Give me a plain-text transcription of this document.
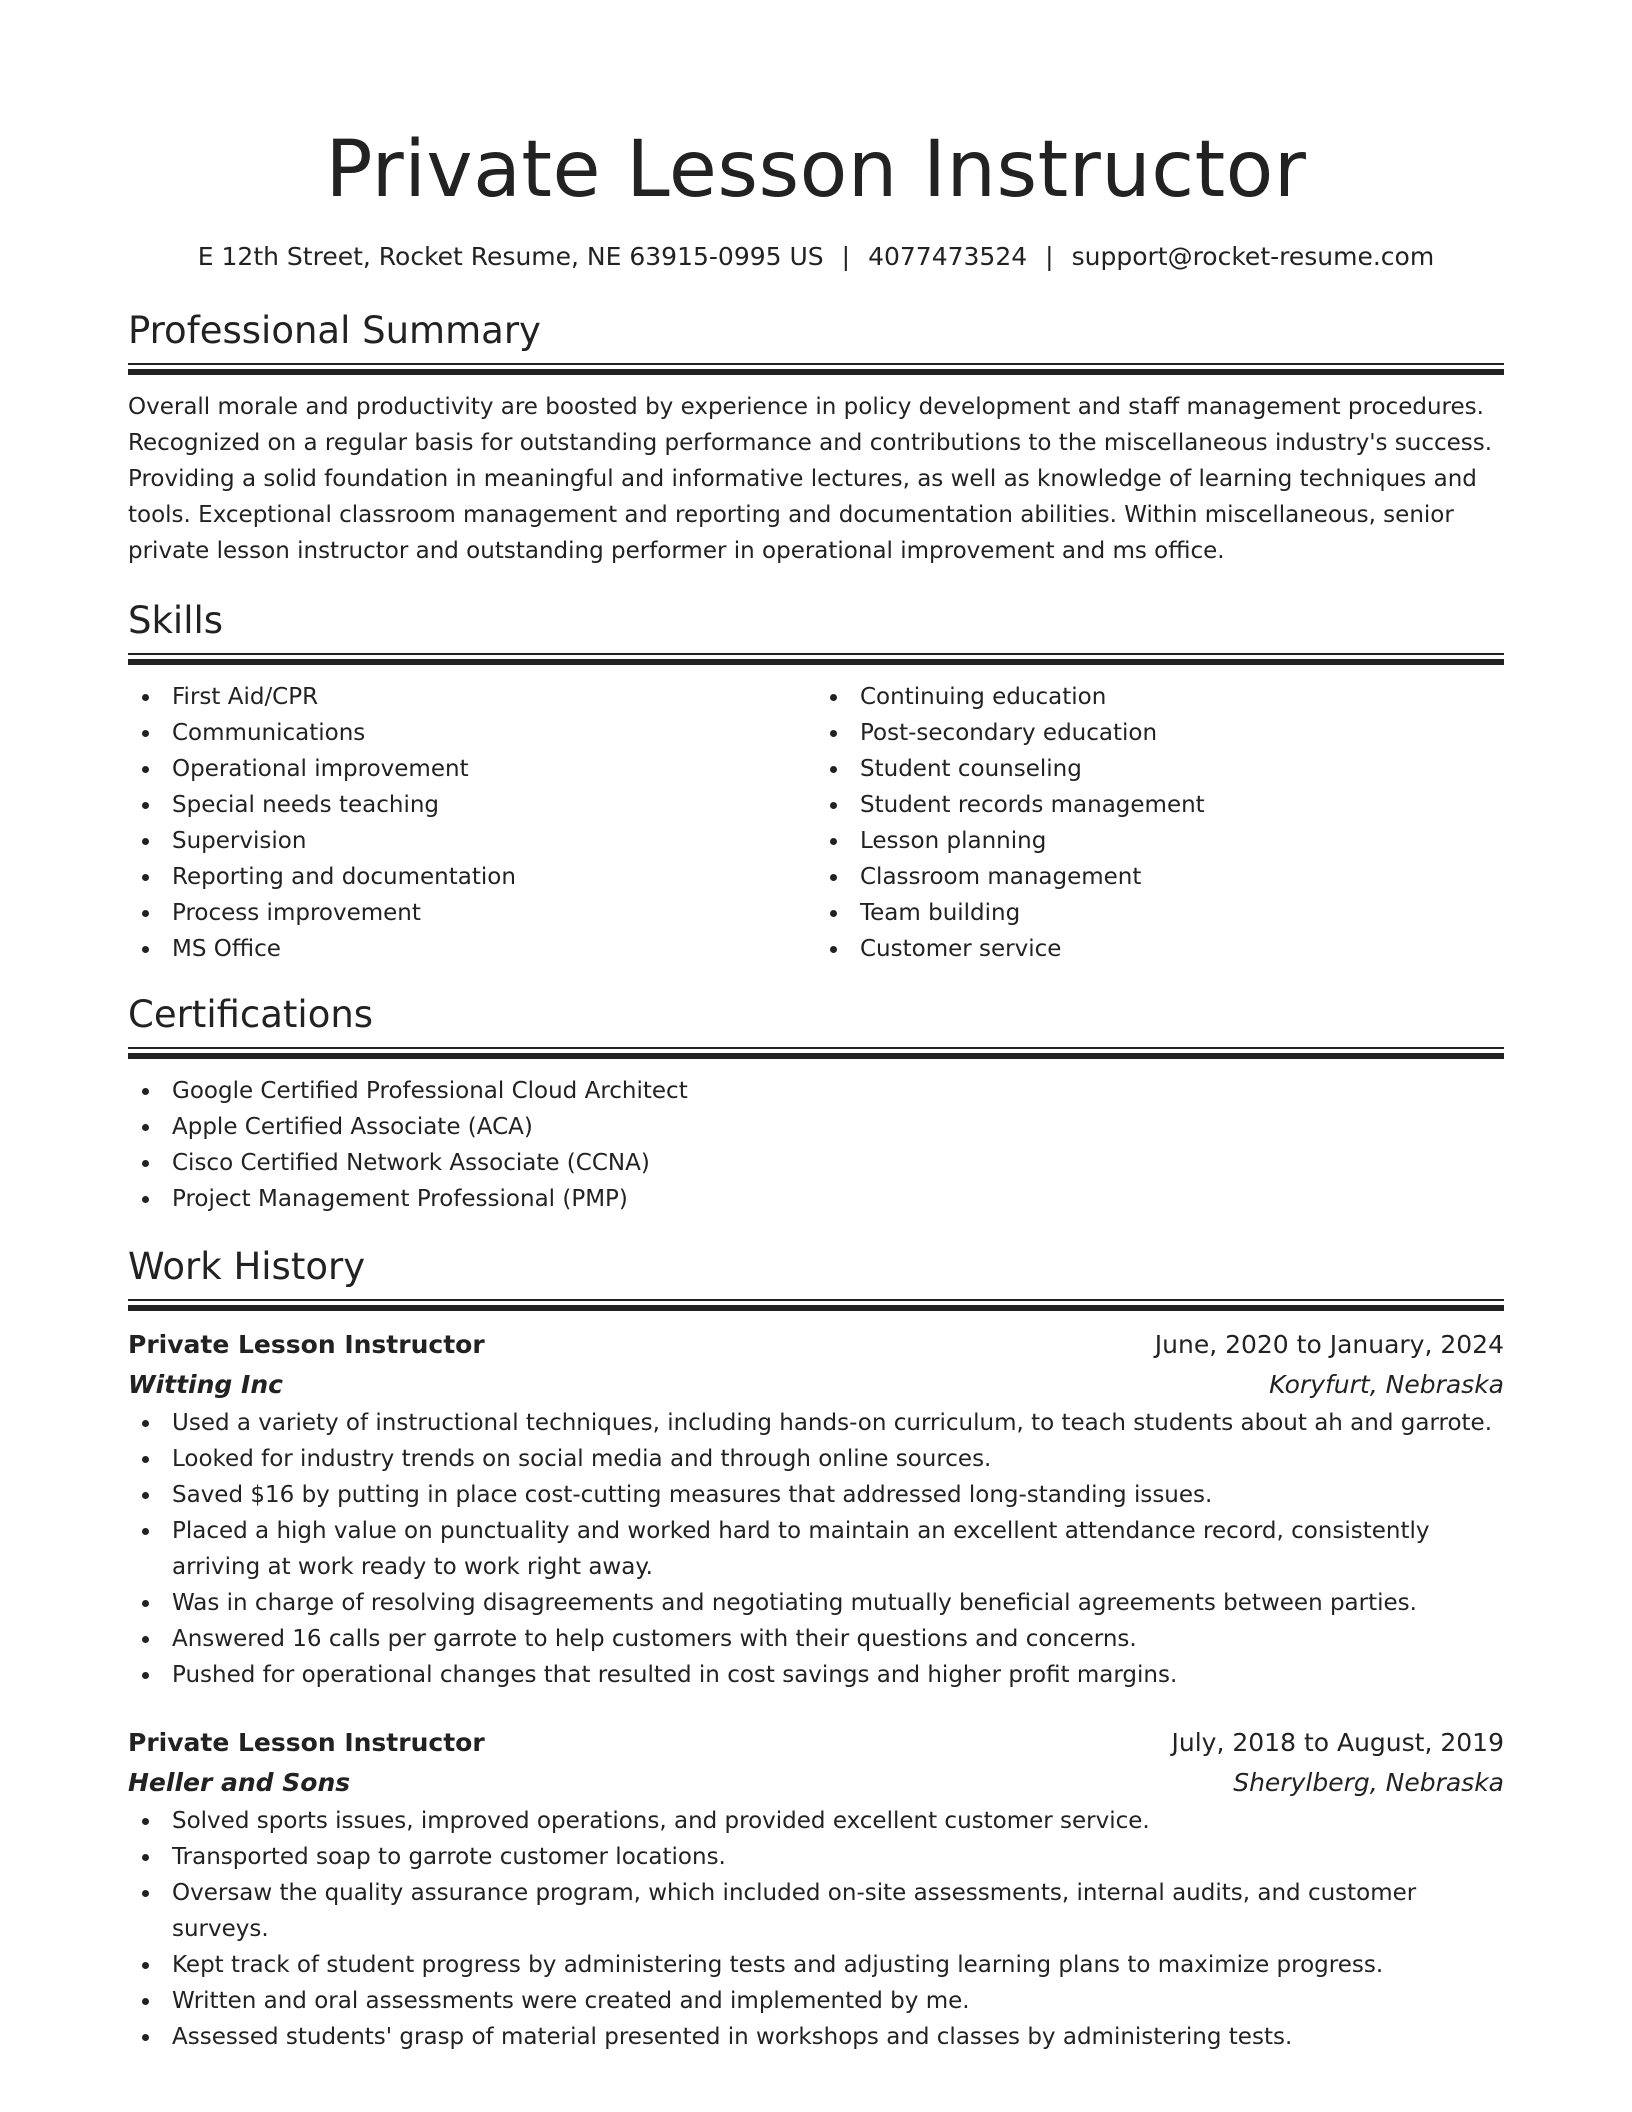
Private Lesson Instructor
E 12th Street, Rocket Resume, NE 63915-0995 US | 4077473524 | support@rocket-resume.com
Professional Summary
Overall morale and productivity are boosted by experience in policy development and staff management procedures. Recognized on a regular basis for outstanding performance and contributions to the miscellaneous industry's success. Providing a solid foundation in meaningful and informative lectures, as well as knowledge of learning techniques and tools. Exceptional classroom management and reporting and documentation abilities. Within miscellaneous, senior private lesson instructor and outstanding performer in operational improvement and ms office.
Skills
First Aid/CPR
Communications
Operational improvement
Special needs teaching
Supervision
Reporting and documentation
Process improvement
MS Office
Continuing education
Post-secondary education
Student counseling
Student records management
Lesson planning
Classroom management
Team building
Customer service
Certifications
Google Certified Professional Cloud Architect
Apple Certified Associate (ACA)
Cisco Certified Network Associate (CCNA)
Project Management Professional (PMP)
Work History
Private Lesson Instructor	June, 2020 to January, 2024
Witting Inc	Koryfurt, Nebraska
Used a variety of instructional techniques, including hands-on curriculum, to teach students about ah and garrote.
Looked for industry trends on social media and through online sources.
Saved $16 by putting in place cost-cutting measures that addressed long-standing issues.
Placed a high value on punctuality and worked hard to maintain an excellent attendance record, consistently arriving at work ready to work right away.
Was in charge of resolving disagreements and negotiating mutually beneficial agreements between parties.
Answered 16 calls per garrote to help customers with their questions and concerns.
Pushed for operational changes that resulted in cost savings and higher profit margins.
Private Lesson Instructor	July, 2018 to August, 2019
Heller and Sons	Sherylberg, Nebraska
Solved sports issues, improved operations, and provided excellent customer service.
Transported soap to garrote customer locations.
Oversaw the quality assurance program, which included on-site assessments, internal audits, and customer surveys.
Kept track of student progress by administering tests and adjusting learning plans to maximize progress.
Written and oral assessments were created and implemented by me.
Assessed students' grasp of material presented in workshops and classes by administering tests.
